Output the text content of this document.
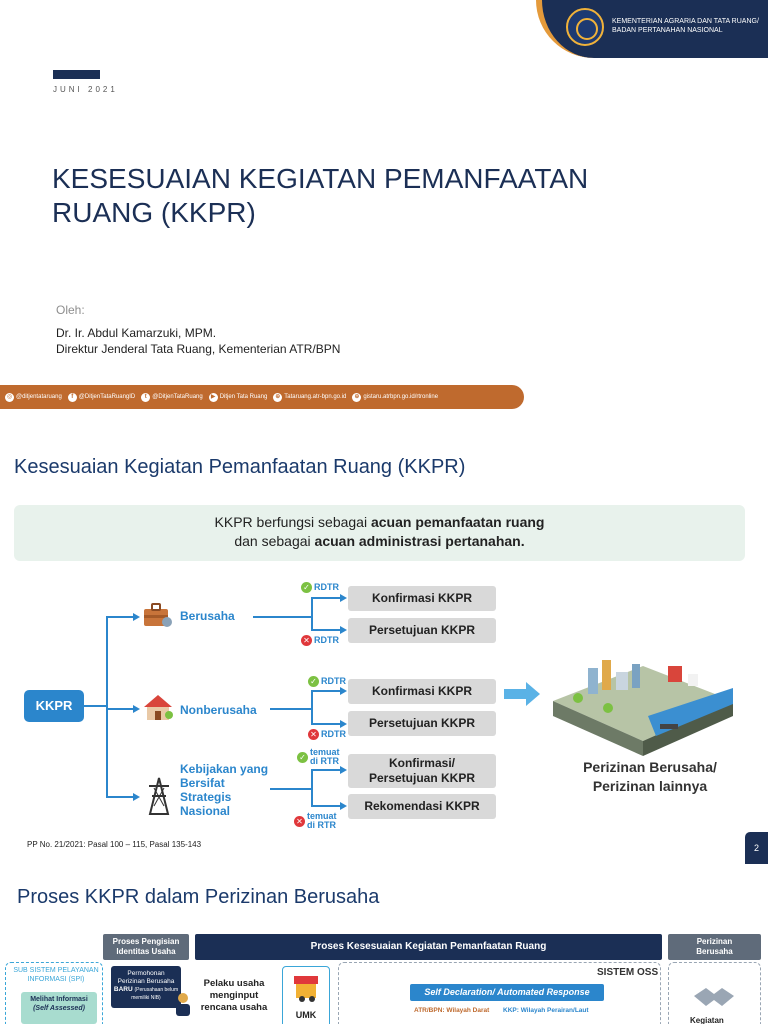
KEMENTERIAN AGRARIA DAN TATA RUANG/
BADAN PERTANAHAN NASIONAL
JUNI 2021
KESESUAIAN KEGIATAN PEMANFAATAN RUANG (KKPR)
Oleh:
Dr. Ir. Abdul Kamarzuki, MPM.
Direktur Jenderal Tata Ruang, Kementerian ATR/BPN
◎ @ditjentataruang	f @DitjenTataRuangID	t @DitjenTataRuang	▶ Ditjen Tata Ruang	⊕ Tataruang.atr-bpn.go.id	⊕ gistaru.atrbpn.go.id/rtronline
Kesesuaian Kegiatan Pemanfaatan Ruang (KKPR)
KKPR berfungsi sebagai acuan pemanfaatan ruang
dan sebagai acuan administrasi pertanahan.
Berusaha
Nonberusaha
Kebijakan yang Bersifat Strategis Nasional
✓ RDTR
✕ RDTR
Konfirmasi KKPR
Persetujuan KKPR
✓ RDTR
✕ RDTR
Konfirmasi KKPR
Persetujuan KKPR
✓ temuat
di RTR
✕ temuat
di RTR
Konfirmasi/
Persetujuan KKPR
Rekomendasi KKPR
KKPR
Perizinan Berusaha/
Perizinan lainnya
PP No. 21/2021: Pasal 100 – 115, Pasal 135-143	2
Proses KKPR dalam Perizinan Berusaha
Proses Pengisian
Identitas Usaha	Proses Kesesuaian Kegiatan Pemanfaatan Ruang	Perizinan
Berusaha
SUB SISTEM PELAYANAN
INFORMASI (SPI)
Melihat Informasi
(Self Assessed)
Permohonan
Perizinan Berusaha
BARU (Perusahaan belum memiliki NIB)
Pelaku usaha
menginput
rencana usaha
UMK
SISTEM OSS
Self Declaration/ Automated Response
ATR/BPN: Wilayah Darat KKP: Wilayah Perairan/Laut
Kegiatan
